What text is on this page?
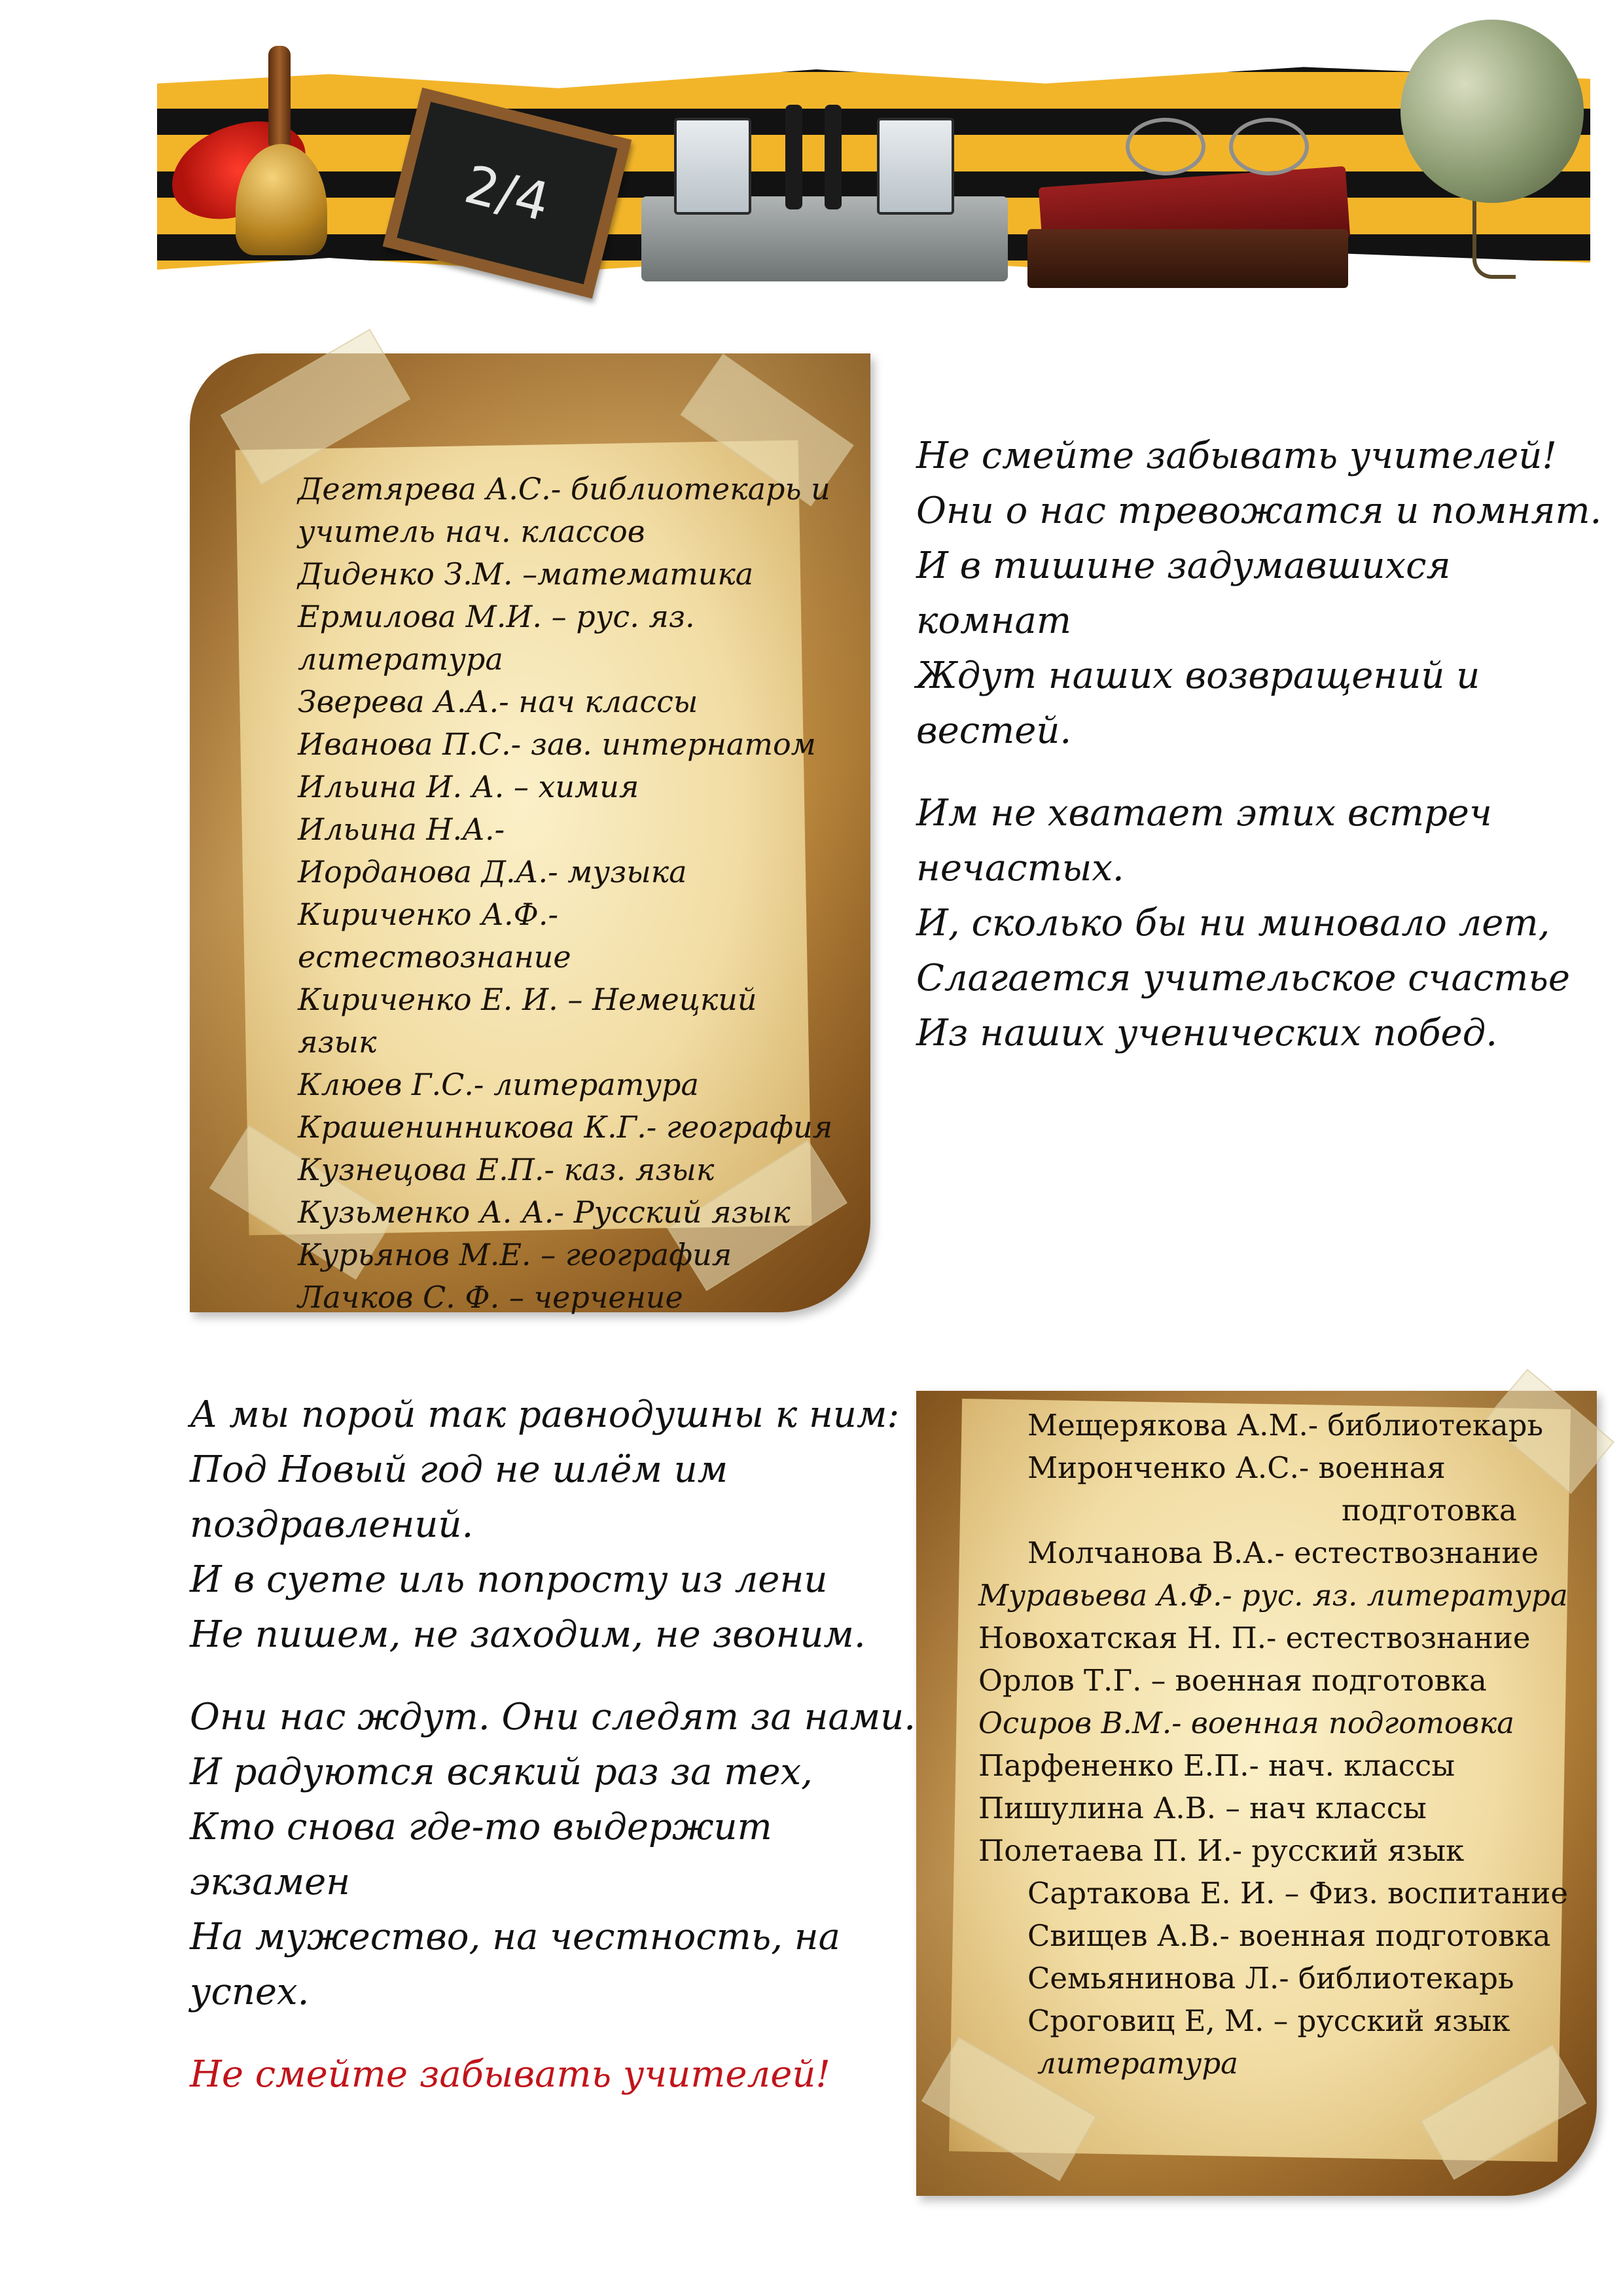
2/4
Дегтярева А.С.- библиотекарь и
учитель нач. классов
Диденко З.М. –математика
Ермилова М.И. – рус. яз.
литература
Зверева А.А.- нач классы
Иванова П.С.- зав. интернатом
Ильина И. А. – химия
Ильина Н.А.-
Иорданова Д.А.- музыка
Кириченко А.Ф.- естествознание
Кириченко Е. И. – Немецкий язык
Клюев Г.С.- литература
Крашенинникова К.Г.- география
Кузнецова Е.П.- каз. язык
Кузьменко А. А.- Русский язык
Курьянов М.Е. – география
Лачков С. Ф. – черчение

Не смейте забывать учителей!

Они о нас тревожатся и помнят.

И в тишине задумавшихся комнат

Ждут наших возвращений и вестей.

Им не хватает этих встреч

нечастых.

И, сколько бы ни миновало лет,

Слагается учительское счастье

Из наших ученических побед.

А мы порой так равнодушны к ним:

Под Новый год не шлём им

поздравлений.

И в суете иль попросту из лени

Не пишем, не заходим, не звоним.

Они нас ждут. Они следят за нами.

И радуются всякий раз за тех,

Кто снова где-то выдержит экзамен

На мужество, на честность, на

успех.

Не смейте забывать учителей!

Мещерякова А.М.- библиотекарь
Миронченко А.С.- военная
подготовка
Молчанова В.А.- естествознание
Муравьева А.Ф.- рус. яз. литература
Новохатская Н. П.- естествознание
Орлов Т.Г. – военная подготовка
Осиров В.М.- военная подготовка
Парфененко Е.П.- нач. классы
Пишулина А.В. – нач классы
Полетаева П. И.- русский язык
Сартакова Е. И. – Физ. воспитание
Свищев А.В.- военная подготовка
Семьянинова Л.- библиотекарь
Сроговиц Е, М. – русский язык
литература
